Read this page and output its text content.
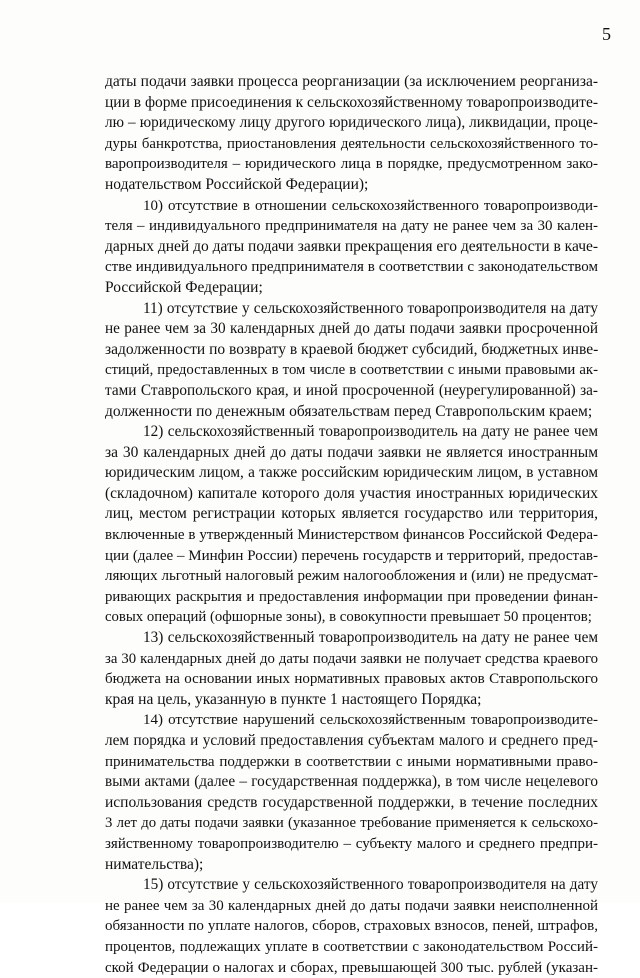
5

даты подачи заявки процесса реорганизации (за исключением реорганиза-

ции в форме присоединения к сельскохозяйственному товаропроизводите-

лю – юридическому лицу другого юридического лица), ликвидации, проце-

дуры банкротства, приостановления деятельности сельскохозяйственного то-

варопроизводителя – юридического лица в порядке, предусмотренном зако-

нодательством Российской Федерации);

10) отсутствие в отношении сельскохозяйственного товаропроизводи-

теля – индивидуального предпринимателя на дату не ранее чем за 30 кален-

дарных дней до даты подачи заявки прекращения его деятельности в каче-

стве индивидуального предпринимателя в соответствии с законодательством

Российской Федерации;

11) отсутствие у сельскохозяйственного товаропроизводителя на дату

не ранее чем за 30 календарных дней до даты подачи заявки просроченной

задолженности по возврату в краевой бюджет субсидий, бюджетных инве-

стиций, предоставленных в том числе в соответствии с иными правовыми ак-

тами Ставропольского края, и иной просроченной (неурегулированной) за-

долженности по денежным обязательствам перед Ставропольским краем;

12) сельскохозяйственный товаропроизводитель на дату не ранее чем

за 30 календарных дней до даты подачи заявки не является иностранным

юридическим лицом, а также российским юридическим лицом, в уставном

(складочном) капитале которого доля участия иностранных юридических

лиц, местом регистрации которых является государство или территория,

включенные в утвержденный Министерством финансов Российской Федера-

ции (далее – Минфин России) перечень государств и территорий, предостав-

ляющих льготный налоговый режим налогообложения и (или) не предусмат-

ривающих раскрытия и предоставления информации при проведении финан-

совых операций (офшорные зоны), в совокупности превышает 50 процентов;

13) сельскохозяйственный товаропроизводитель на дату не ранее чем

за 30 календарных дней до даты подачи заявки не получает средства краевого

бюджета на основании иных нормативных правовых актов Ставропольского

края на цель, указанную в пункте 1 настоящего Порядка;

14) отсутствие нарушений сельскохозяйственным товаропроизводите-

лем порядка и условий предоставления субъектам малого и среднего пред-

принимательства поддержки в соответствии с иными нормативными право-

выми актами (далее – государственная поддержка), в том числе нецелевого

использования средств государственной поддержки, в течение последних

3 лет до даты подачи заявки (указанное требование применяется к сельскохо-

зяйственному товаропроизводителю – субъекту малого и среднего предпри-

нимательства);

15) отсутствие у сельскохозяйственного товаропроизводителя на дату

не ранее чем за 30 календарных дней до даты подачи заявки неисполненной

обязанности по уплате налогов, сборов, страховых взносов, пеней, штрафов,

процентов, подлежащих уплате в соответствии с законодательством Россий-

ской Федерации о налогах и сборах, превышающей 300 тыс. рублей (указан-
